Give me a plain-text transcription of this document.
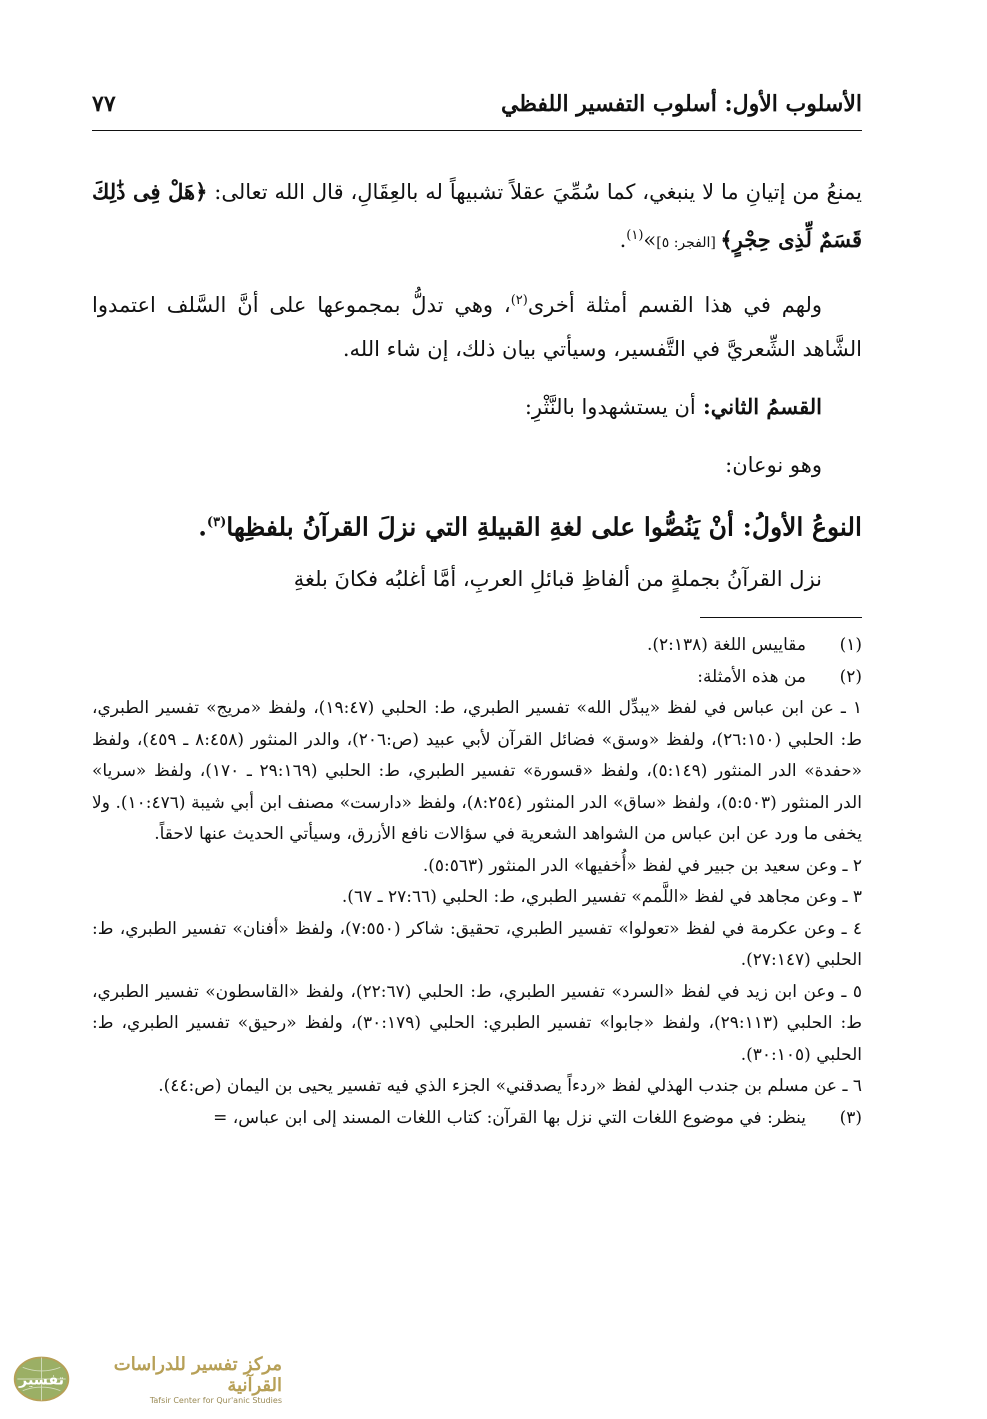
الأسلوب الأول: أسلوب التفسير اللفظي
٧٧

يمنعُ من إتيانِ ما لا ينبغي، كما سُمِّيَ عقلاً تشبيهاً له بالعِقَالِ، قال الله تعالى: ﴿هَلْ فِى ذَٰلِكَ قَسَمٌ لِّذِى حِجْرٍ﴾ [الفجر: ٥]»$^{(١)}$.

ولهم في هذا القسم أمثلة أخرى$^{(٢)}$، وهي تدلُّ بمجموعها على أنَّ السَّلف اعتمدوا الشَّاهد الشِّعريَّ في التَّفسير، وسيأتي بيان ذلك، إن شاء الله.

القسمُ الثاني: أن يستشهدوا بالنَّثْرِ:

وهو نوعان:

النوعُ الأولُ: أنْ يَنُصُّوا على لغةِ القبيلةِ التي نزلَ القرآنُ بلفظِها$^{(٣)}$.

نزل القرآنُ بجملةٍ من ألفاظِ قبائلِ العربِ، أمَّا أغلبُه فكانَ بلغةِ

(١)
مقاييس اللغة (٢:١٣٨).
(٢)
من هذه الأمثلة:

١ ـ عن ابن عباس في لفظ «يبدِّل الله» تفسير الطبري، ط: الحلبي (١٩:٤٧)، ولفظ «مريج» تفسير الطبري، ط: الحلبي (٢٦:١٥٠)، ولفظ «وسق» فضائل القرآن لأبي عبيد (ص:٢٠٦)، والدر المنثور (٨:٤٥٨ ـ ٤٥٩)، ولفظ «حفدة» الدر المنثور (٥:١٤٩)، ولفظ «قسورة» تفسير الطبري، ط: الحلبي (٢٩:١٦٩ ـ ١٧٠)، ولفظ «سريا» الدر المنثور (٥:٥٠٣)، ولفظ «ساق» الدر المنثور (٨:٢٥٤)، ولفظ «دارست» مصنف ابن أبي شيبة (١٠:٤٧٦). ولا يخفى ما ورد عن ابن عباس من الشواهد الشعرية في سؤالات نافع الأزرق، وسيأتي الحديث عنها لاحقاً.

٢ ـ وعن سعيد بن جبير في لفظ «أُخفيها» الدر المنثور (٥:٥٦٣).

٣ ـ وعن مجاهد في لفظ «اللَّمم» تفسير الطبري، ط: الحلبي (٢٧:٦٦ ـ ٦٧).

٤ ـ وعن عكرمة في لفظ «تعولوا» تفسير الطبري، تحقيق: شاكر (٧:٥٥٠)، ولفظ «أفنان» تفسير الطبري، ط: الحلبي (٢٧:١٤٧).

٥ ـ وعن ابن زيد في لفظ «السرد» تفسير الطبري، ط: الحلبي (٢٢:٦٧)، ولفظ «القاسطون» تفسير الطبري، ط: الحلبي (٢٩:١١٣)، ولفظ «جابوا» تفسير الطبري: الحلبي (٣٠:١٧٩)، ولفظ «رحيق» تفسير الطبري، ط: الحلبي (٣٠:١٠٥).

٦ ـ عن مسلم بن جندب الهذلي لفظ «ردءاً يصدقني» الجزء الذي فيه تفسير يحيى بن اليمان (ص:٤٤).

(٣)
ينظر: في موضوع اللغات التي نزل بها القرآن: كتاب اللغات المسند إلى ابن عباس، =
تفسير
مركز تفسير للدراسات القرآنية
Tafsir Center for Qur'anic Studies
